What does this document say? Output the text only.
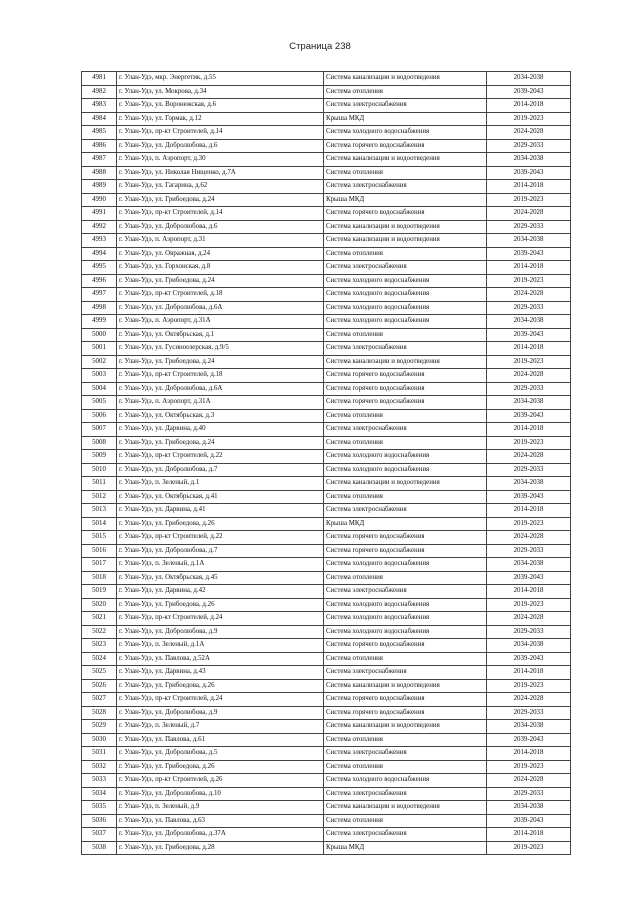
Страница 238
4981	г. Улан-Удэ, мкр. Энергетик, д.55	Система канализации и водоотведения	2034-2038
4982	г. Улан-Удэ, ул. Мокрова, д.34	Система отопления	2039-2043
4983	г. Улан-Удэ, ул. Воронежская, д.6	Система электроснабжения	2014-2018
4984	г. Улан-Удэ, ул. Гормак, д.12	Крыша МКД	2019-2023
4985	г. Улан-Удэ, пр-кт Строителей, д.14	Система холодного водоснабжения	2024-2028
4986	г. Улан-Удэ, ул. Добролюбова, д.6	Система горячего водоснабжения	2029-2033
4987	г. Улан-Удэ, п. Аэропорт, д.30	Система канализации и водоотведения	2034-2038
4988	г. Улан-Удэ, ул. Николая Нищенко, д.7А	Система отопления	2039-2043
4989	г. Улан-Удэ, ул. Гагарина, д.62	Система электроснабжения	2014-2018
4990	г. Улан-Удэ, ул. Грибоедова, д.24	Крыша МКД	2019-2023
4991	г. Улан-Удэ, пр-кт Строителей, д.14	Система горячего водоснабжения	2024-2028
4992	г. Улан-Удэ, ул. Добролюбова, д.6	Система канализации и водоотведения	2029-2033
4993	г. Улан-Удэ, п. Аэропорт, д.31	Система канализации и водоотведения	2034-2038
4994	г. Улан-Удэ, ул. Овражная, д.24	Система отопления	2039-2043
4995	г. Улан-Удэ, ул. Горхонская, д.8	Система электроснабжения	2014-2018
4996	г. Улан-Удэ, ул. Грибоедова, д.24	Система холодного водоснабжения	2019-2023
4997	г. Улан-Удэ, пр-кт Строителей, д.18	Система холодного водоснабжения	2024-2028
4998	г. Улан-Удэ, ул. Добролюбова, д.6А	Система холодного водоснабжения	2029-2033
4999	г. Улан-Удэ, п. Аэропорт, д.31А	Система холодного водоснабжения	2034-2038
5000	г. Улан-Удэ, ул. Октябрьская, д.1	Система отопления	2039-2043
5001	г. Улан-Удэ, ул. Гусиноозерская, д.9/5	Система электроснабжения	2014-2018
5002	г. Улан-Удэ, ул. Грибоедова, д.24	Система канализации и водоотведения	2019-2023
5003	г. Улан-Удэ, пр-кт Строителей, д.18	Система горячего водоснабжения	2024-2028
5004	г. Улан-Удэ, ул. Добролюбова, д.6А	Система горячего водоснабжения	2029-2033
5005	г. Улан-Удэ, п. Аэропорт, д.31А	Система горячего водоснабжения	2034-2038
5006	г. Улан-Удэ, ул. Октябрьская, д.3	Система отопления	2039-2043
5007	г. Улан-Удэ, ул. Дарвина, д.40	Система электроснабжения	2014-2018
5008	г. Улан-Удэ, ул. Грибоедова, д.24	Система отопления	2019-2023
5009	г. Улан-Удэ, пр-кт Строителей, д.22	Система холодного водоснабжения	2024-2028
5010	г. Улан-Удэ, ул. Добролюбова, д.7	Система холодного водоснабжения	2029-2033
5011	г. Улан-Удэ, п. Зеленый, д.1	Система канализации и водоотведения	2034-2038
5012	г. Улан-Удэ, ул. Октябрьская, д.41	Система отопления	2039-2043
5013	г. Улан-Удэ, ул. Дарвина, д.41	Система электроснабжения	2014-2018
5014	г. Улан-Удэ, ул. Грибоедова, д.26	Крыша МКД	2019-2023
5015	г. Улан-Удэ, пр-кт Строителей, д.22	Система горячего водоснабжения	2024-2028
5016	г. Улан-Удэ, ул. Добролюбова, д.7	Система горячего водоснабжения	2029-2033
5017	г. Улан-Удэ, п. Зеленый, д.1А	Система холодного водоснабжения	2034-2038
5018	г. Улан-Удэ, ул. Октябрьская, д.45	Система отопления	2039-2043
5019	г. Улан-Удэ, ул. Дарвина, д.42	Система электроснабжения	2014-2018
5020	г. Улан-Удэ, ул. Грибоедова, д.26	Система холодного водоснабжения	2019-2023
5021	г. Улан-Удэ, пр-кт Строителей, д.24	Система холодного водоснабжения	2024-2028
5022	г. Улан-Удэ, ул. Добролюбова, д.9	Система холодного водоснабжения	2029-2033
5023	г. Улан-Удэ, п. Зеленый, д.1А	Система горячего водоснабжения	2034-2038
5024	г. Улан-Удэ, ул. Павлова, д.52А	Система отопления	2039-2043
5025	г. Улан-Удэ, ул. Дарвина, д.43	Система электроснабжения	2014-2018
5026	г. Улан-Удэ, ул. Грибоедова, д.26	Система канализации и водоотведения	2019-2023
5027	г. Улан-Удэ, пр-кт Строителей, д.24	Система горячего водоснабжения	2024-2028
5028	г. Улан-Удэ, ул. Добролюбова, д.9	Система горячего водоснабжения	2029-2033
5029	г. Улан-Удэ, п. Зеленый, д.7	Система канализации и водоотведения	2034-2038
5030	г. Улан-Удэ, ул. Павлова, д.61	Система отопления	2039-2043
5031	г. Улан-Удэ, ул. Добролюбова, д.5	Система электроснабжения	2014-2018
5032	г. Улан-Удэ, ул. Грибоедова, д.26	Система отопления	2019-2023
5033	г. Улан-Удэ, пр-кт Строителей, д.26	Система холодного водоснабжения	2024-2028
5034	г. Улан-Удэ, ул. Добролюбова, д.10	Система электроснабжения	2029-2033
5035	г. Улан-Удэ, п. Зеленый, д.9	Система канализации и водоотведения	2034-2038
5036	г. Улан-Удэ, ул. Павлова, д.63	Система отопления	2039-2043
5037	г. Улан-Удэ, ул. Добролюбова, д.37А	Система электроснабжения	2014-2018
5038	г. Улан-Удэ, ул. Грибоедова, д.28	Крыша МКД	2019-2023
